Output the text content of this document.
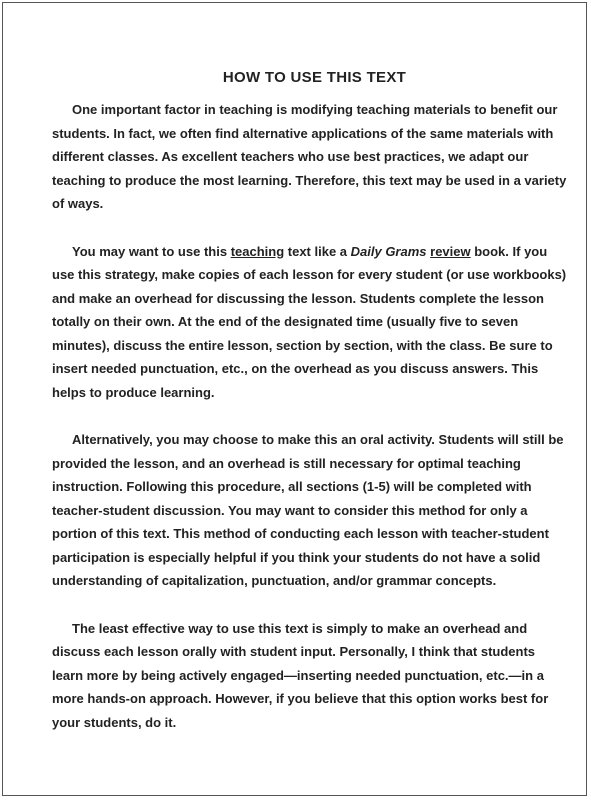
HOW TO USE THIS TEXT

One important factor in teaching is modifying teaching materials to benefit our students. In fact, we often find alternative applications of the same materials with different classes. As excellent teachers who use best practices, we adapt our teaching to produce the most learning. Therefore, this text may be used in a variety of ways.

You may want to use this teaching text like a Daily Grams review book. If you use this strategy, make copies of each lesson for every student (or use workbooks) and make an overhead for discussing the lesson. Students complete the lesson totally on their own. At the end of the designated time (usually five to seven minutes), discuss the entire lesson, section by section, with the class. Be sure to insert needed punctuation, etc., on the overhead as you discuss answers. This helps to produce learning.

Alternatively, you may choose to make this an oral activity. Students will still be provided the lesson, and an overhead is still necessary for optimal teaching instruction. Following this procedure, all sections (1-5) will be completed with teacher-student discussion. You may want to consider this method for only a portion of this text. This method of conducting each lesson with teacher-student participation is especially helpful if you think your students do not have a solid understanding of capitalization, punctuation, and/or grammar concepts.

The least effective way to use this text is simply to make an overhead and discuss each lesson orally with student input. Personally, I think that students learn more by being actively engaged—inserting needed punctuation, etc.—in a more hands-on approach. However, if you believe that this option works best for your students, do it.
